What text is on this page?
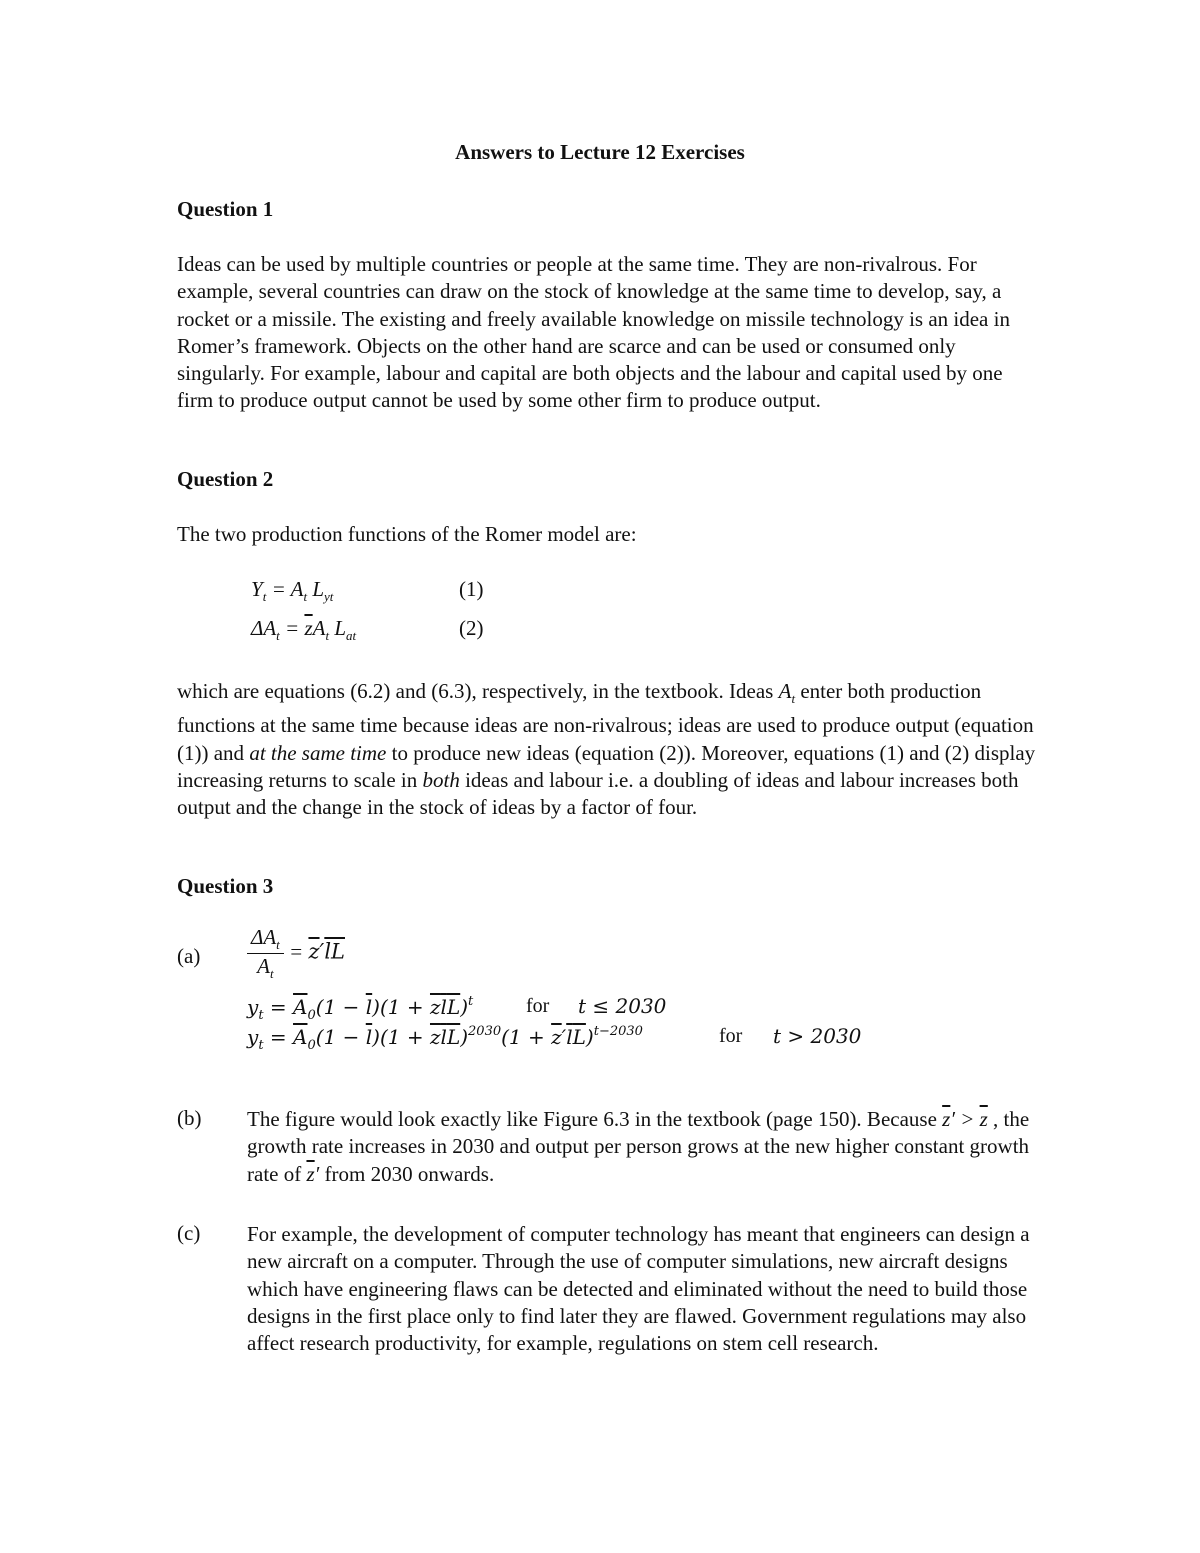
Answers to Lecture 12 Exercises
Question 1

Ideas can be used by multiple countries or people at the same time. They are non-rivalrous. For example, several countries can draw on the stock of knowledge at the same time to develop, say, a rocket or a missile. The existing and freely available knowledge on missile technology is an idea in Romer’s framework. Objects on the other hand are scarce and can be used or consumed only singularly. For example, labour and capital are both objects and the labour and capital used by one firm to produce output cannot be used by some other firm to produce output.

Question 2
The two production functions of the Romer model are:
$Y_t = A_t$ $L_{yt}$	(1)
$\Delta A_t = \overline{z}A_t$ $L_{at}$	(2)

which are equations (6.2) and (6.3), respectively, in the textbook. Ideas $A_t$ enter both production functions at the same time because ideas are non-rivalrous; ideas are used to produce output (equation (1)) and at the same time to produce new ideas (equation (2)). Moreover, equations (1) and (2) display increasing returns to scale in both ideas and labour i.e. a doubling of ideas and labour increases both output and the change in the stock of ideas by a factor of four.

Question 3
$(a) \frac{\Delta A_t}{A_t} = \overline{z}'\overline{lL}$
$y_t = \overline{A}_0(1 - \overline{l})(1 + \overline{z}\overline{l}\overline{L})^t$	for t ≤ 2030
$y_t = \overline{A}_0(1 - \overline{l})(1 + \overline{z}\overline{l}\overline{L})^{2030}(1 + \overline{z}'\overline{l}\overline{L})^{t-2030}$	for t > 2030
(b) The figure would look exactly like Figure 6.3 in the textbook (page 150). Because $\overline{z}' > \overline{z}$ , the growth rate increases in 2030 and output per person grows at the new higher constant growth rate of $\overline{z}'$ from 2030 onwards.
(c) For example, the development of computer technology has meant that engineers can design a new aircraft on a computer. Through the use of computer simulations, new aircraft designs which have engineering flaws can be detected and eliminated without the need to build those designs in the first place only to find later they are flawed. Government regulations may also affect research productivity, for example, regulations on stem cell research.
